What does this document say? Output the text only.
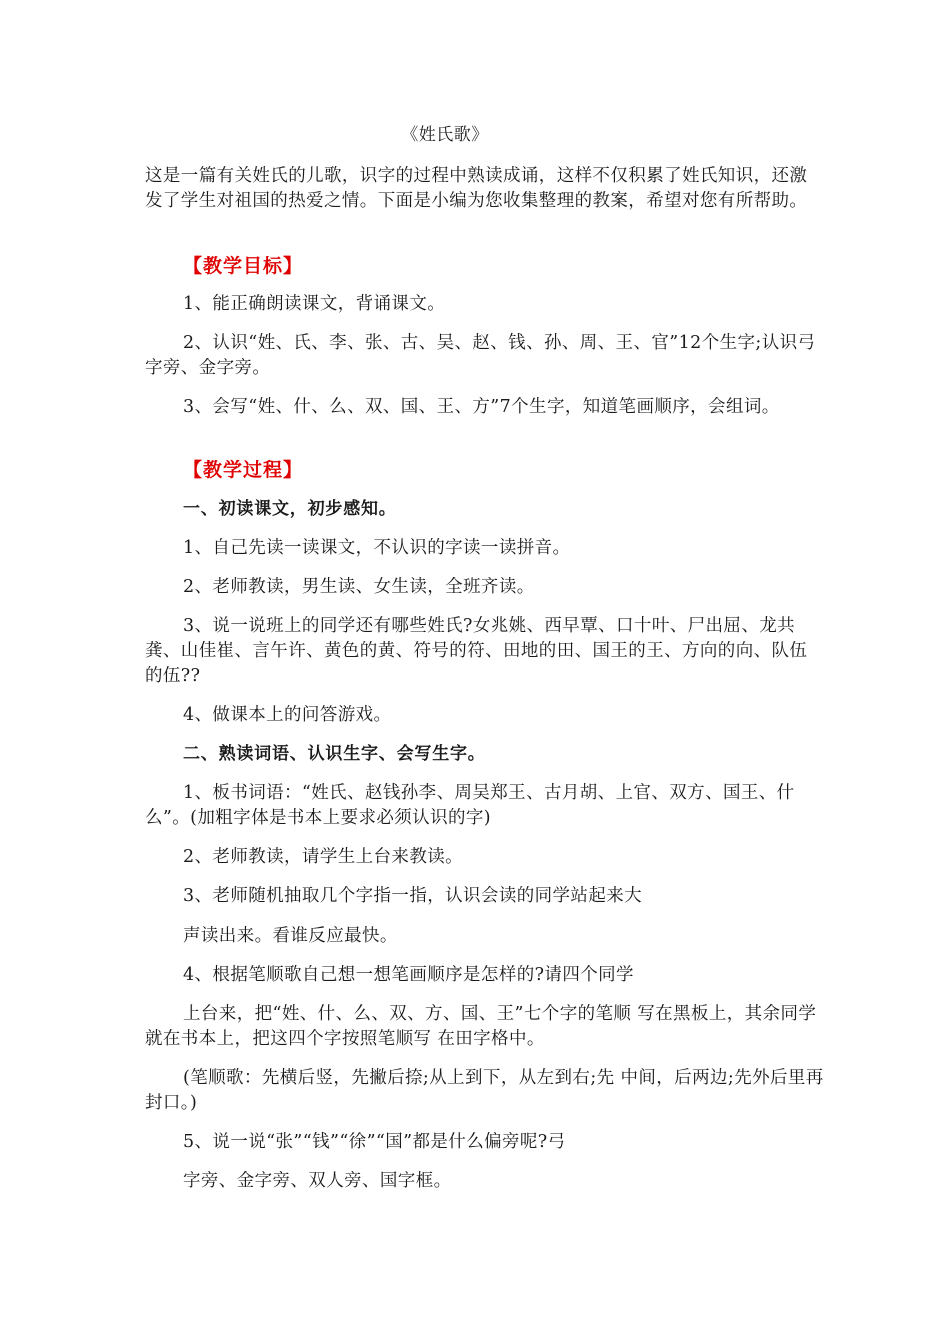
《姓氏歌》

这是一篇有关姓氏的儿歌，识字的过程中熟读成诵，这样不仅积累了姓氏知识，还激发了学生对祖国的热爱之情。下面是小编为您收集整理的教案，希望对您有所帮助。

【教学目标】

1、能正确朗读课文，背诵课文。

2、认识“姓、氏、李、张、古、吴、赵、钱、孙、周、王、官”12个生字;认识弓字旁、金字旁。

3、会写“姓、什、么、双、国、王、方”7个生字，知道笔画顺序，会组词。

【教学过程】

一、初读课文，初步感知。

1、自己先读一读课文，不认识的字读一读拼音。

2、老师教读，男生读、女生读，全班齐读。

3、说一说班上的同学还有哪些姓氏?女兆姚、西早覃、口十叶、尸出屈、龙共龚、山佳崔、言午许、黄色的黄、符号的符、田地的田、国王的王、方向的向、队伍的伍??

4、做课本上的问答游戏。

二、熟读词语、认识生字、会写生字。

1、板书词语：“姓氏、赵钱孙李、周吴郑王、古月胡、上官、双方、国王、什么”。(加粗字体是书本上要求必须认识的字)

2、老师教读，请学生上台来教读。

3、老师随机抽取几个字指一指，认识会读的同学站起来大

声读出来。看谁反应最快。

4、根据笔顺歌自己想一想笔画顺序是怎样的?请四个同学

上台来，把“姓、什、么、双、方、国、王”七个字的笔顺 写在黑板上，其余同学就在书本上，把这四个字按照笔顺写 在田字格中。

(笔顺歌：先横后竖，先撇后捺;从上到下，从左到右;先 中间，后两边;先外后里再封口。)

5、说一说“张”“钱”“徐”“国”都是什么偏旁呢?弓

字旁、金字旁、双人旁、国字框。
